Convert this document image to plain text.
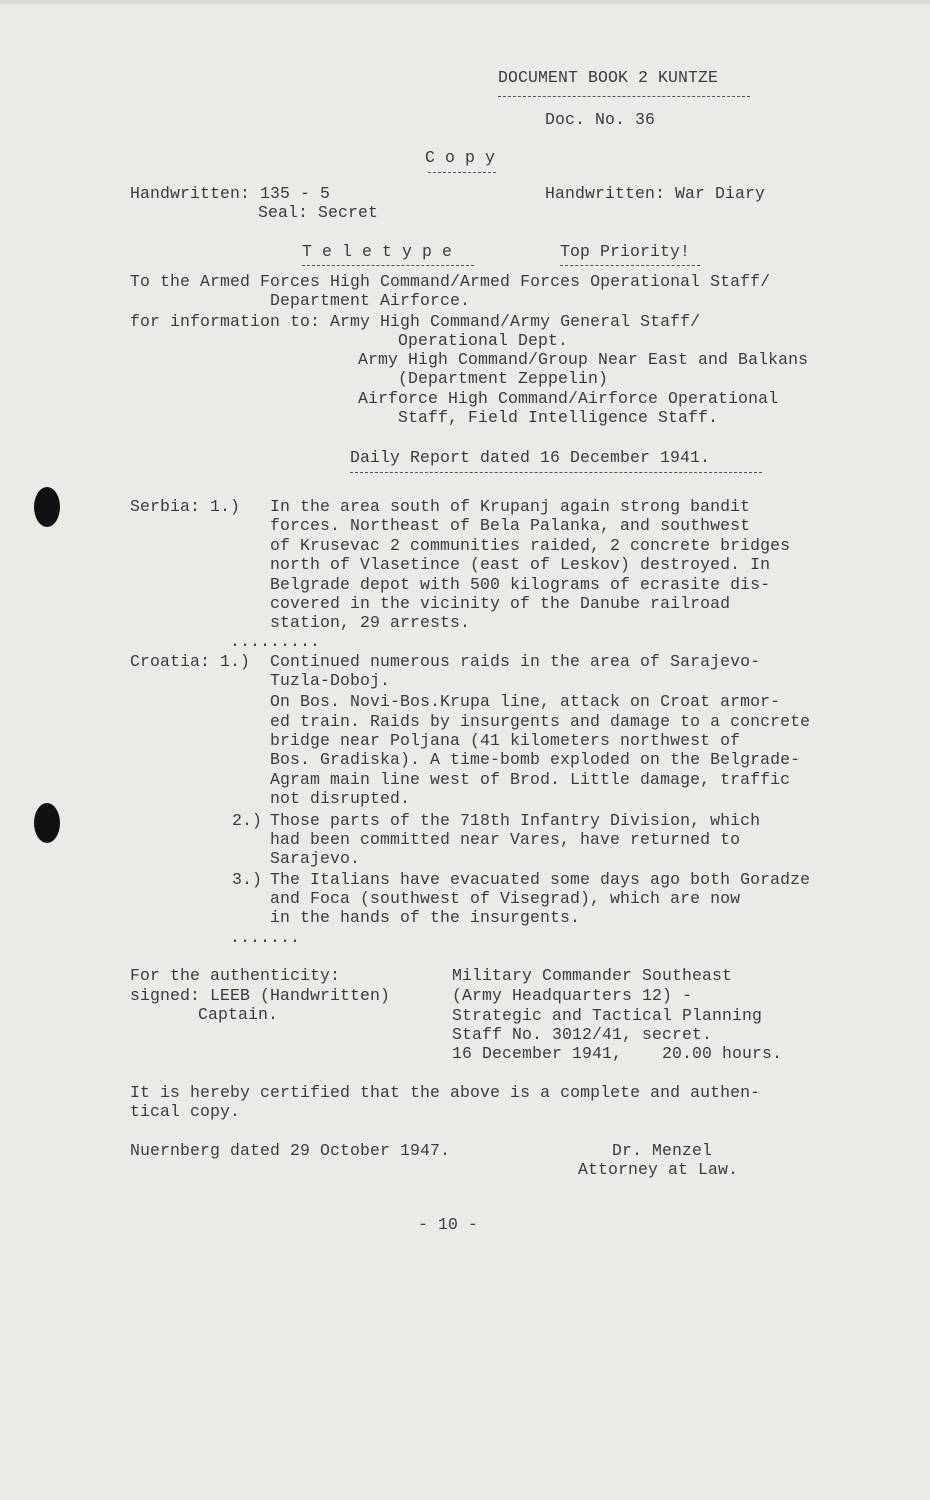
DOCUMENT BOOK 2 KUNTZE
Doc. No. 36
C o p y
Handwritten: 135 - 5
Seal: Secret
Handwritten: War Diary
T e l e t y p e	Top Priority!
To the Armed Forces High Command/Armed Forces Operational Staff/
Department Airforce.
for information to: Army High Command/Army General Staff/
Operational Dept.
Army High Command/Group Near East and Balkans
(Department Zeppelin)
Airforce High Command/Airforce Operational
Staff, Field Intelligence Staff.
Daily Report dated 16 December 1941.
Serbia: 1.) In the area south of Krupanj again strong bandit
forces. Northeast of Bela Palanka, and southwest
of Krusevac 2 communities raided, 2 concrete bridges
north of Vlasetince (east of Leskov) destroyed. In
Belgrade depot with 500 kilograms of ecrasite dis-
covered in the vicinity of the Danube railroad
station, 29 arrests.
.........
Croatia: 1.) Continued numerous raids in the area of Sarajevo-
Tuzla-Doboj.
On Bos. Novi-Bos.Krupa line, attack on Croat armor-
ed train. Raids by insurgents and damage to a concrete
bridge near Poljana (41 kilometers northwest of
Bos. Gradiska). A time-bomb exploded on the Belgrade-
Agram main line west of Brod. Little damage, traffic
not disrupted.
2.) Those parts of the 718th Infantry Division, which
had been committed near Vares, have returned to
Sarajevo.
3.) The Italians have evacuated some days ago both Goradze
and Foca (southwest of Visegrad), which are now
in the hands of the insurgents.
.......
For the authenticity:
signed: LEEB (Handwritten)
Captain.
Military Commander Southeast
(Army Headquarters 12) -
Strategic and Tactical Planning
Staff No. 3012/41, secret.
16 December 1941,    20.00 hours.
It is hereby certified that the above is a complete and authen-
tical copy.
Nuernberg dated 29 October 1947.	Dr. Menzel
Attorney at Law.
- 10 -
